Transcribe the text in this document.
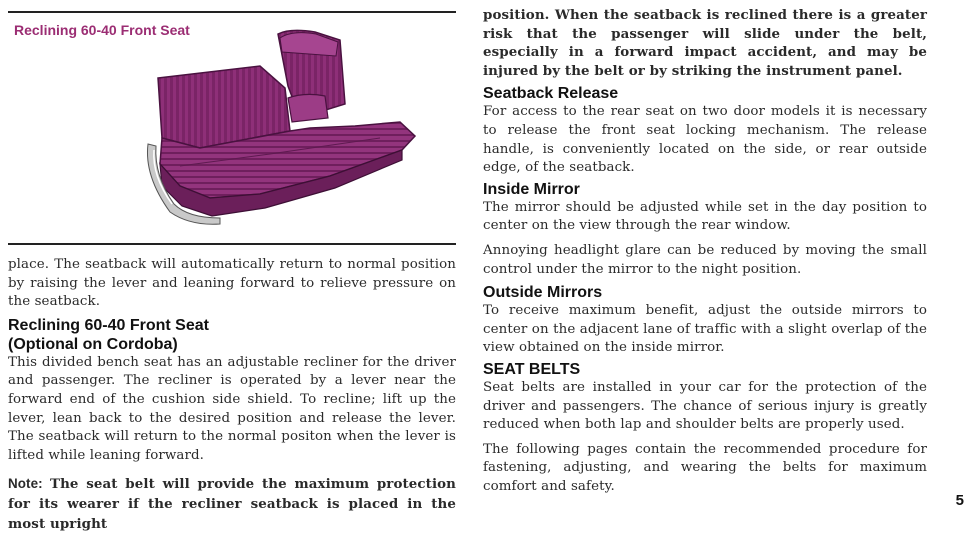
Reclining 60-40 Front Seat

place. The seatback will automatically return to normal position by raising the lever and leaning forward to relieve pressure on the seatback.

Reclining 60-40 Front Seat
(Optional on Cordoba)

This divided bench seat has an adjustable recliner for the driver and passenger. The recliner is operated by a lever near the forward end of the cushion side shield. To recline; lift up the lever, lean back to the desired position and release the lever. The seatback will return to the normal positon when the lever is lifted while leaning forward.

Note: The seat belt will provide the maximum protection for its wearer if the recliner seatback is placed in the most upright

position. When the seatback is reclined there is a greater risk that the passenger will slide under the belt, especially in a forward impact accident, and may be injured by the belt or by striking the instrument panel.

Seatback Release

For access to the rear seat on two door models it is necessary to release the front seat locking mechanism. The release handle, is conveniently located on the side, or rear outside edge, of the seatback.

Inside Mirror

The mirror should be adjusted while set in the day position to center on the view through the rear window.

Annoying headlight glare can be reduced by moving the small control under the mirror to the night position.

Outside Mirrors

To receive maximum benefit, adjust the outside mirrors to center on the adjacent lane of traffic with a slight overlap of the view obtained on the inside mirror.

SEAT BELTS

Seat belts are installed in your car for the protection of the driver and passengers. The chance of serious injury is greatly reduced when both lap and shoulder belts are properly used.

The following pages contain the recommended procedure for fastening, adjusting, and wearing the belts for maximum comfort and safety.

5
